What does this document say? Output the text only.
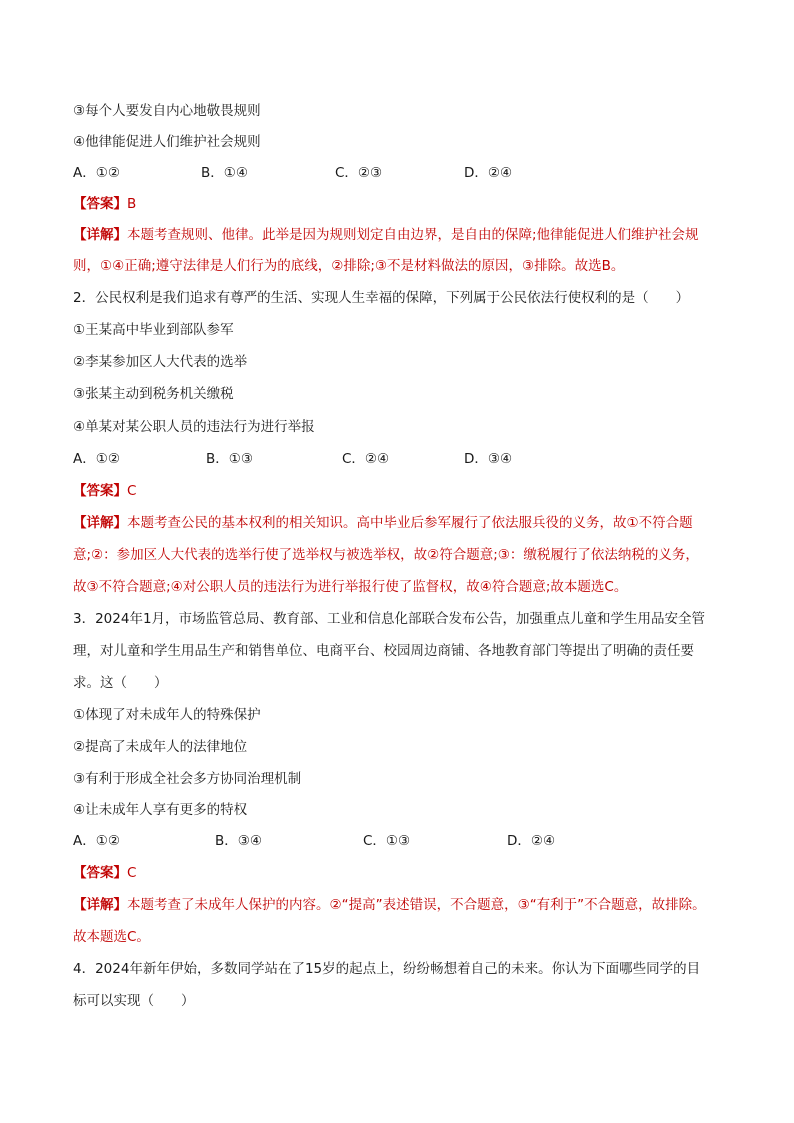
③每个人要发自内心地敬畏规则
④他律能促进人们维护社会规则
A．①②	B．①④	C．②③	D．②④
【答案】B
【详解】本题考查规则、他律。此举是因为规则划定自由边界，是自由的保障;他律能促进人们维护社会规
则，①④正确;遵守法律是人们行为的底线，②排除;③不是材料做法的原因，③排除。故选B。
2．公民权利是我们追求有尊严的生活、实现人生幸福的保障，下列属于公民依法行使权利的是（　　）
①王某高中毕业到部队参军
②李某参加区人大代表的选举
③张某主动到税务机关缴税
④单某对某公职人员的违法行为进行举报
A．①②	B．①③	C．②④	D．③④
【答案】C
【详解】本题考查公民的基本权利的相关知识。高中毕业后参军履行了依法服兵役的义务，故①不符合题
意;②：参加区人大代表的选举行使了选举权与被选举权，故②符合题意;③：缴税履行了依法纳税的义务，
故③不符合题意;④对公职人员的违法行为进行举报行使了监督权，故④符合题意;故本题选C。
3．2024年1月，市场监管总局、教育部、工业和信息化部联合发布公告，加强重点儿童和学生用品安全管
理，对儿童和学生用品生产和销售单位、电商平台、校园周边商铺、各地教育部门等提出了明确的责任要
求。这（　　）
①体现了对未成年人的特殊保护
②提高了未成年人的法律地位
③有利于形成全社会多方协同治理机制
④让未成年人享有更多的特权
A．①②	B．③④	C．①③	D．②④
【答案】C
【详解】本题考查了未成年人保护的内容。②“提高”表述错误，不合题意，③“有利于”不合题意，故排除。
故本题选C。
4．2024年新年伊始，多数同学站在了15岁的起点上，纷纷畅想着自己的未来。你认为下面哪些同学的目
标可以实现（　　）
